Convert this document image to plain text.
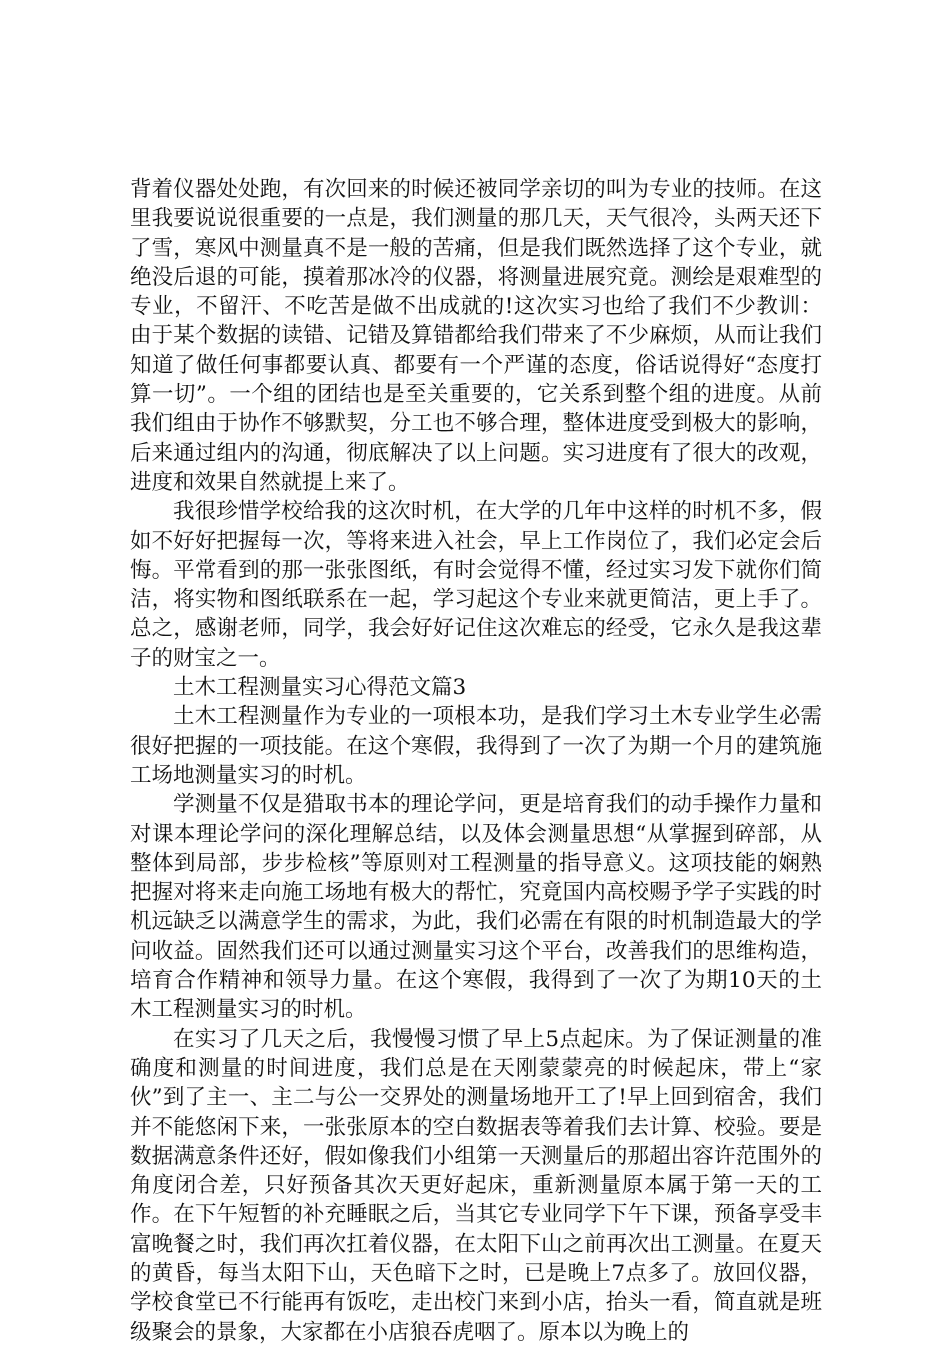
背着仪器处处跑，有次回来的时候还被同学亲切的叫为专业的技师。在这里我要说说很重要的一点是，我们测量的那几天，天气很冷，头两天还下了雪，寒风中测量真不是一般的苦痛，但是我们既然选择了这个专业，就绝没后退的可能，摸着那冰冷的仪器，将测量进展究竟。测绘是艰难型的专业，不留汗、不吃苦是做不出成就的!这次实习也给了我们不少教训：由于某个数据的读错、记错及算错都给我们带来了不少麻烦，从而让我们知道了做任何事都要认真、都要有一个严谨的态度，俗话说得好“态度打算一切”。一个组的团结也是至关重要的，它关系到整个组的进度。从前我们组由于协作不够默契，分工也不够合理，整体进度受到极大的影响，后来通过组内的沟通，彻底解决了以上问题。实习进度有了很大的改观，进度和效果自然就提上来了。

我很珍惜学校给我的这次时机，在大学的几年中这样的时机不多，假如不好好把握每一次，等将来进入社会，早上工作岗位了，我们必定会后悔。平常看到的那一张张图纸，有时会觉得不懂，经过实习发下就你们简洁，将实物和图纸联系在一起，学习起这个专业来就更简洁，更上手了。总之，感谢老师，同学，我会好好记住这次难忘的经受，它永久是我这辈子的财宝之一。

土木工程测量实习心得范文篇3

土木工程测量作为专业的一项根本功，是我们学习土木专业学生必需很好把握的一项技能。在这个寒假，我得到了一次了为期一个月的建筑施工场地测量实习的时机。

学测量不仅是猎取书本的理论学问，更是培育我们的动手操作力量和对课本理论学问的深化理解总结，以及体会测量思想“从掌握到碎部，从整体到局部，步步检核”等原则对工程测量的指导意义。这项技能的娴熟把握对将来走向施工场地有极大的帮忙，究竟国内高校赐予学子实践的时机远缺乏以满意学生的需求，为此，我们必需在有限的时机制造最大的学问收益。固然我们还可以通过测量实习这个平台，改善我们的思维构造，培育合作精神和领导力量。在这个寒假，我得到了一次了为期10天的土木工程测量实习的时机。

在实习了几天之后，我慢慢习惯了早上5点起床。为了保证测量的准确度和测量的时间进度，我们总是在天刚蒙蒙亮的时候起床，带上“家伙”到了主一、主二与公一交界处的测量场地开工了!早上回到宿舍，我们并不能悠闲下来，一张张原本的空白数据表等着我们去计算、校验。要是数据满意条件还好，假如像我们小组第一天测量后的那超出容许范围外的角度闭合差，只好预备其次天更好起床，重新测量原本属于第一天的工作。在下午短暂的补充睡眠之后，当其它专业同学下午下课，预备享受丰富晚餐之时，我们再次扛着仪器，在太阳下山之前再次出工测量。在夏天的黄昏，每当太阳下山，天色暗下之时，已是晚上7点多了。放回仪器，学校食堂已不行能再有饭吃，走出校门来到小店，抬头一看，简直就是班级聚会的景象，大家都在小店狼吞虎咽了。原本以为晚上的
